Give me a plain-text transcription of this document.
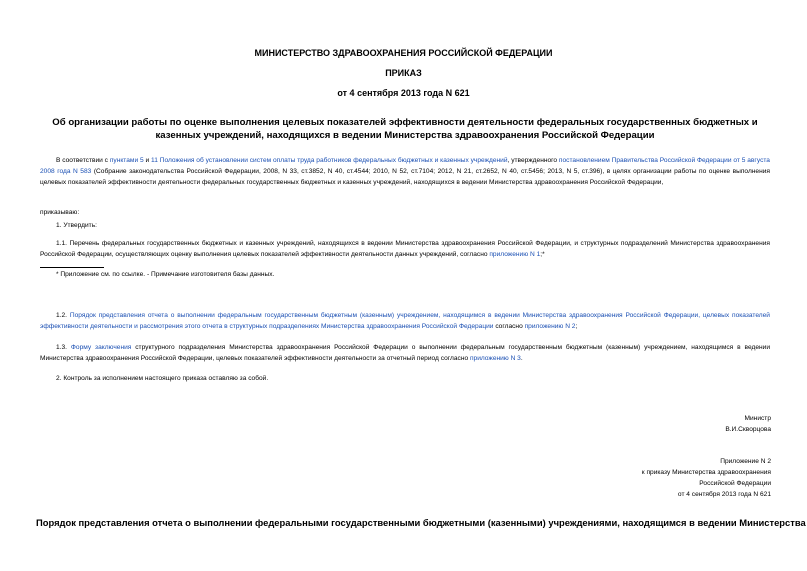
МИНИСТЕРСТВО ЗДРАВООХРАНЕНИЯ РОССИЙСКОЙ ФЕДЕРАЦИИ
ПРИКАЗ
от 4 сентября 2013 года N 621
Об организации работы по оценке выполнения целевых показателей эффективности деятельности федеральных государственных бюджетных и казенных учреждений, находящихся в ведении Министерства здравоохранения Российской Федерации
В соответствии с пунктами 5 и 11 Положения об установлении систем оплаты труда работников федеральных бюджетных и казенных учреждений, утвержденного постановлением Правительства Российской Федерации от 5 августа 2008 года N 583 (Собрание законодательства Российской Федерации, 2008, N 33, ст.3852, N 40, ст.4544; 2010, N 52, ст.7104; 2012, N 21, ст.2652, N 40, ст.5456; 2013, N 5, ст.396), в целях организации работы по оценке выполнения целевых показателей эффективности деятельности федеральных государственных бюджетных и казенных учреждений, находящихся в ведении Министерства здравоохранения Российской Федерации,
приказываю:
1. Утвердить:
1.1. Перечень федеральных государственных бюджетных и казенных учреждений, находящихся в ведении Министерства здравоохранения Российской Федерации, и структурных подразделений Министерства здравоохранения Российской Федерации, осуществляющих оценку выполнения целевых показателей эффективности деятельности данных учреждений, согласно приложению N 1;*
* Приложение см. по ссылке. - Примечание изготовителя базы данных.
1.2. Порядок представления отчета о выполнении федеральным государственным бюджетным (казенным) учреждением, находящимся в ведении Министерства здравоохранения Российской Федерации, целевых показателей эффективности деятельности и рассмотрения этого отчета в структурных подразделениях Министерства здравоохранения Российской Федерации согласно приложению N 2;
1.3. Форму заключения структурного подразделения Министерства здравоохранения Российской Федерации о выполнении федеральным государственным бюджетным (казенным) учреждением, находящимся в ведении Министерства здравоохранения Российской Федерации, целевых показателей эффективности деятельности за отчетный период согласно приложению N 3.
2. Контроль за исполнением настоящего приказа оставляю за собой.
Министр
В.И.Скворцова
Приложение N 2
к приказу Министерства здравоохранения
Российской Федерации
от 4 сентября 2013 года N 621
Порядок представления отчета о выполнении федеральными государственными бюджетными (казенными) учреждениями, находящимся в ведении Министерства
